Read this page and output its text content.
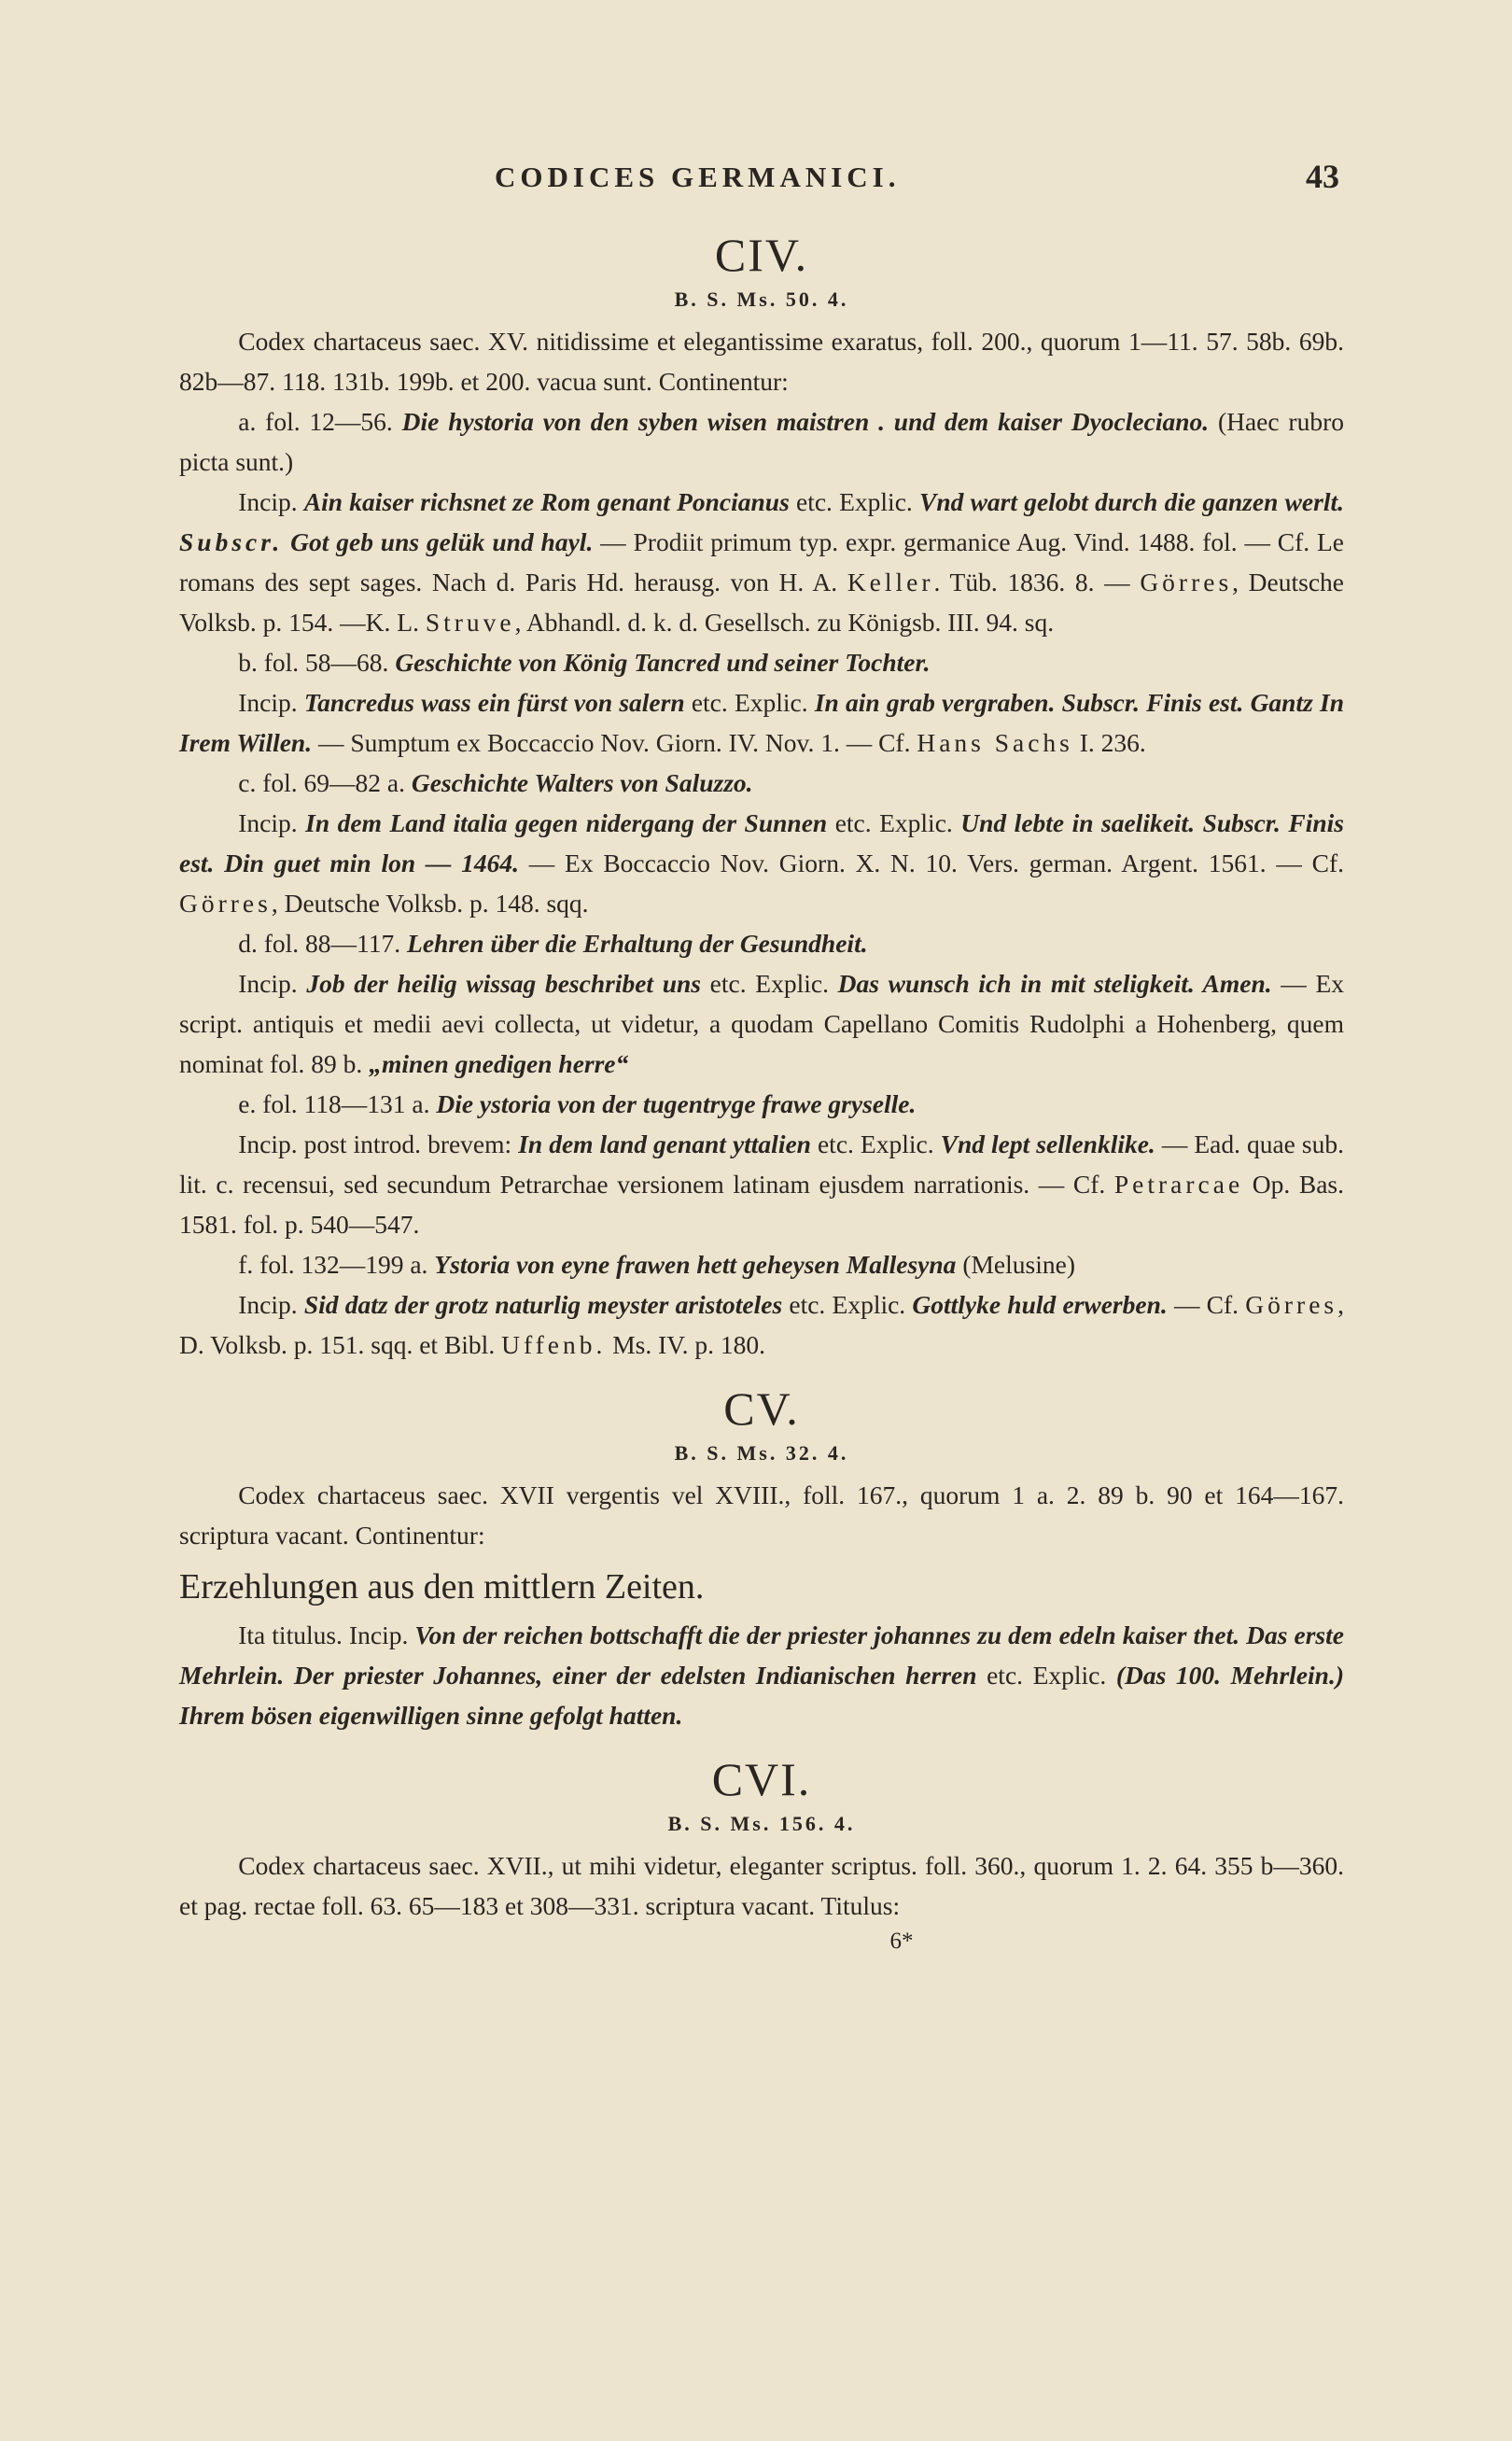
CODICES GERMANICI.	43
CIV.
B. S. Ms. 50. 4.

Codex chartaceus saec. XV. nitidissime et elegantissime exaratus, foll. 200., quorum 1—11. 57. 58b. 69b. 82b—87. 118. 131b. 199b. et 200. vacua sunt. Continentur:

a. fol. 12—56. Die hystoria von den syben wisen maistren . und dem kaiser Dyocleciano. (Haec rubro picta sunt.)

Incip. Ain kaiser richsnet ze Rom genant Poncianus etc. Explic. Vnd wart gelobt durch die ganzen werlt. Subscr. Got geb uns gelük und hayl. — Prodiit primum typ. expr. germanice Aug. Vind. 1488. fol. — Cf. Le romans des sept sages. Nach d. Paris Hd. herausg. von H. A. Keller. Tüb. 1836. 8. — Görres, Deutsche Volksb. p. 154. —K. L. Struve, Abhandl. d. k. d. Gesellsch. zu Königsb. III. 94. sq.

b. fol. 58—68. Geschichte von König Tancred und seiner Tochter.

Incip. Tancredus wass ein fürst von salern etc. Explic. In ain grab vergraben. Subscr. Finis est. Gantz In Irem Willen. — Sumptum ex Boccaccio Nov. Giorn. IV. Nov. 1. — Cf. Hans Sachs I. 236.

c. fol. 69—82 a. Geschichte Walters von Saluzzo.

Incip. In dem Land italia gegen nidergang der Sunnen etc. Explic. Und lebte in saelikeit. Subscr. Finis est. Din guet min lon — 1464. — Ex Boccaccio Nov. Giorn. X. N. 10. Vers. german. Argent. 1561. — Cf. Görres, Deutsche Volksb. p. 148. sqq.

d. fol. 88—117. Lehren über die Erhaltung der Gesundheit.

Incip. Job der heilig wissag beschribet uns etc. Explic. Das wunsch ich in mit steligkeit. Amen. — Ex script. antiquis et medii aevi collecta, ut videtur, a quodam Capellano Comitis Rudolphi a Hohenberg, quem nominat fol. 89 b. „minen gnedigen herre“

e. fol. 118—131 a. Die ystoria von der tugentryge frawe gryselle.

Incip. post introd. brevem: In dem land genant yttalien etc. Explic. Vnd lept sellenklike. — Ead. quae sub. lit. c. recensui, sed secundum Petrarchae versionem latinam ejusdem narrationis. — Cf. Petrarcae Op. Bas. 1581. fol. p. 540—547.

f. fol. 132—199 a. Ystoria von eyne frawen hett geheysen Mallesyna (Melusine)

Incip. Sid datz der grotz naturlig meyster aristoteles etc. Explic. Gottlyke huld erwerben. — Cf. Görres, D. Volksb. p. 151. sqq. et Bibl. Uffenb. Ms. IV. p. 180.

CV.
B. S. Ms. 32. 4.

Codex chartaceus saec. XVII vergentis vel XVIII., foll. 167., quorum 1 a. 2. 89 b. 90 et 164—167. scriptura vacant. Continentur:

Erzehlungen aus den mittlern Zeiten.

Ita titulus. Incip. Von der reichen bottschafft die der priester johannes zu dem edeln kaiser thet. Das erste Mehrlein. Der priester Johannes, einer der edelsten Indianischen herren etc. Explic. (Das 100. Mehrlein.) Ihrem bösen eigenwilligen sinne gefolgt hatten.

CVI.
B. S. Ms. 156. 4.

Codex chartaceus saec. XVII., ut mihi videtur, eleganter scriptus. foll. 360., quorum 1. 2. 64. 355 b—360. et pag. rectae foll. 63. 65—183 et 308—331. scriptura vacant. Titulus:

6*
